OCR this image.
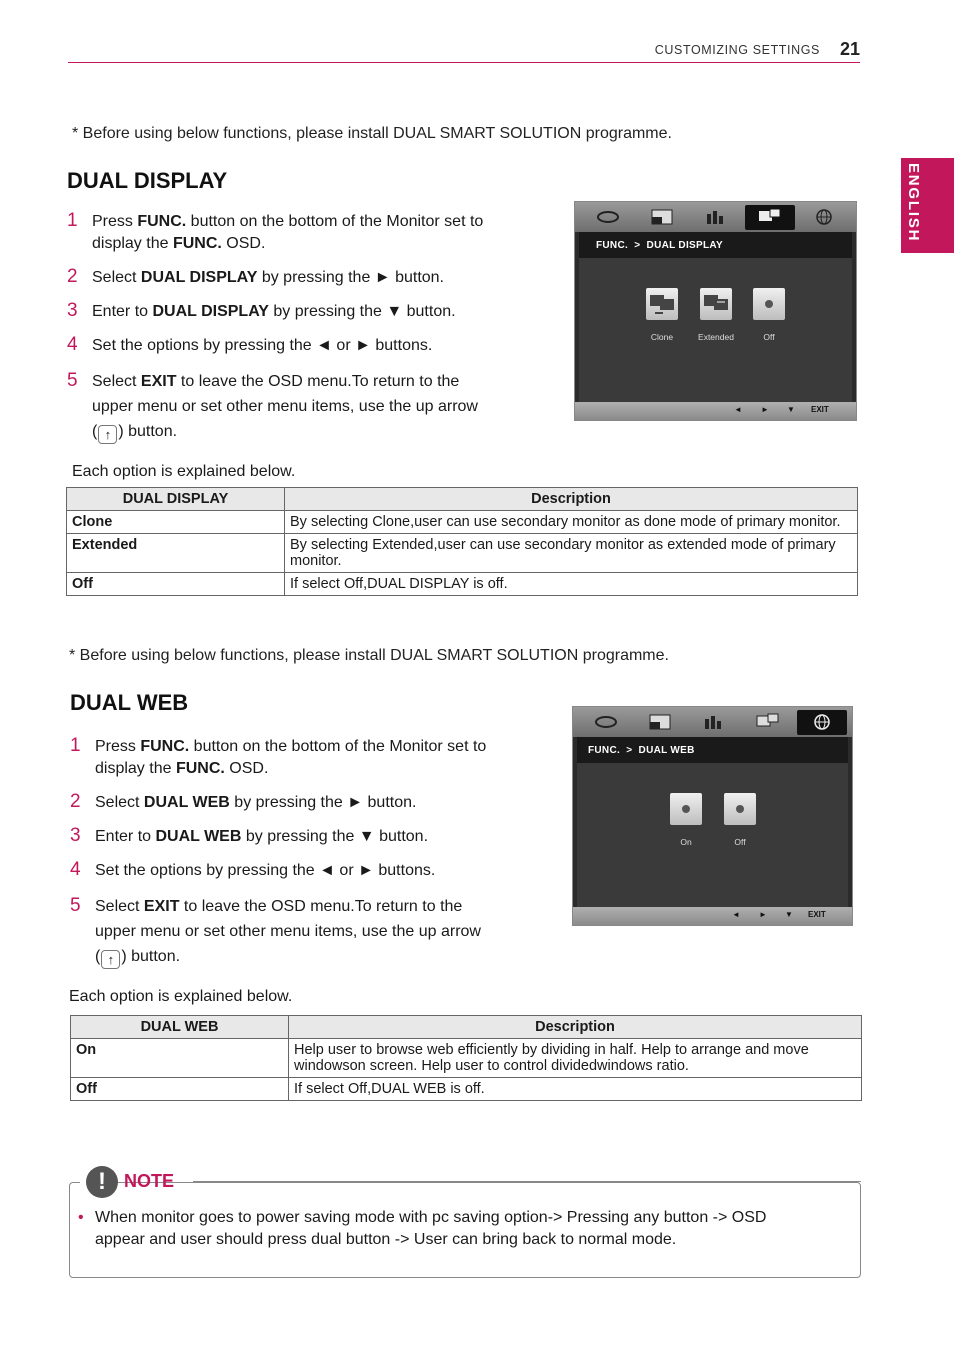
CUSTOMIZING SETTINGS 21
ENGLISH
* Before using below functions, please install DUAL SMART SOLUTION programme.
DUAL DISPLAY
1 Press FUNC. button on the bottom of the Monitor set to display the FUNC. OSD.
2 Select DUAL DISPLAY by pressing the ► button.
3 Enter to DUAL DISPLAY by pressing the ▼ button.
4 Set the options by pressing the ◄ or ► buttons.
5 Select EXIT to leave the OSD menu.To return to the upper menu or set other menu items, use the up arrow ( ↑ ) button.
FUNC. > DUAL DISPLAY
Clone	Extended	Off
◄ ► ▼ EXIT
Each option is explained below.
DUAL DISPLAY	Description
Clone	By selecting Clone,user can use secondary monitor as done mode of primary monitor.
Extended	By selecting Extended,user can use secondary monitor as extended mode of primary monitor.
Off	If select Off,DUAL DISPLAY is off.
* Before using below functions, please install DUAL SMART SOLUTION programme.
DUAL WEB
1 Press FUNC. button on the bottom of the Monitor set to display the FUNC. OSD.
2 Select DUAL WEB by pressing the ► button.
3 Enter to DUAL WEB by pressing the ▼ button.
4 Set the options by pressing the ◄ or ► buttons.
5 Select EXIT to leave the OSD menu.To return to the upper menu or set other menu items, use the up arrow ( ↑ ) button.
FUNC. > DUAL WEB
On	Off
◄ ► ▼ EXIT
Each option is explained below.
DUAL WEB	Description
On	Help user to browse web efficiently by dividing in half. Help to arrange and move windowson screen. Help user to control dividedwindows ratio.
Off	If select Off,DUAL WEB is off.
!	NOTE
• When monitor goes to power saving mode with pc saving option-> Pressing any button -> OSD appear and user should press dual button -> User can bring back to normal mode.
